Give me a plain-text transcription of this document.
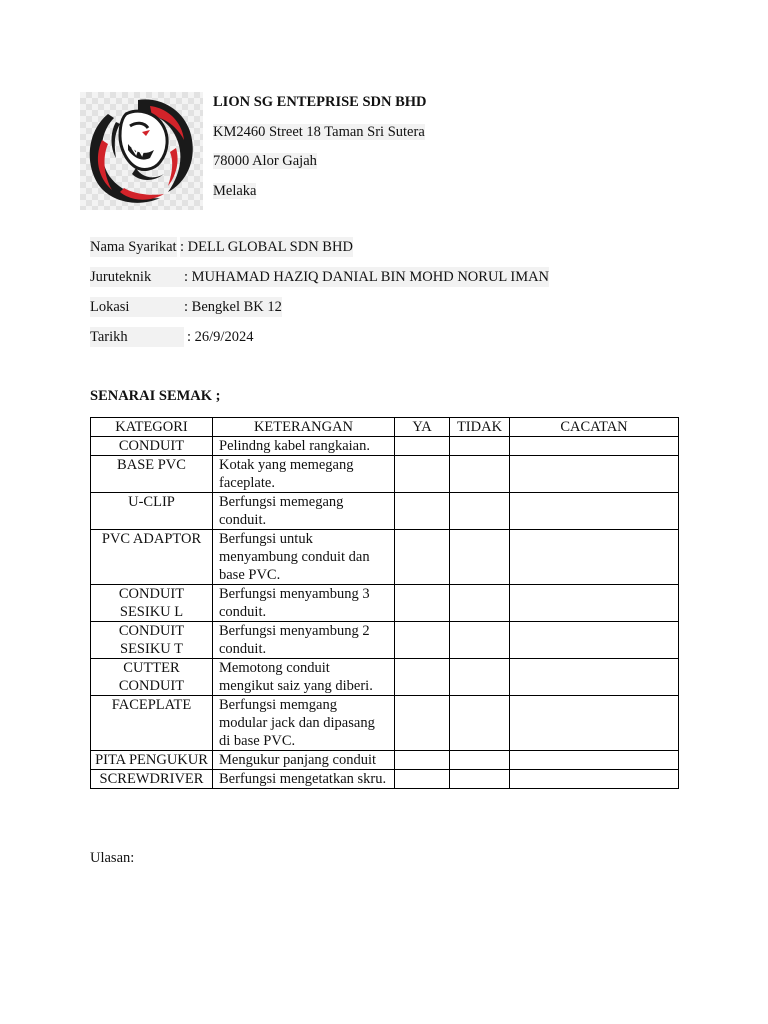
LION SG ENTEPRISE SDN BHD
KM2460 Street 18 Taman Sri Sutera
78000 Alor Gajah
Melaka
Nama Syarikat : DELL GLOBAL SDN BHD
Juruteknik : MUHAMAD HAZIQ DANIAL BIN MOHD NORUL IMAN
Lokasi	: Bengkel BK 12
Tarikh	: 26/9/2024
SENARAI SEMAK ;
KATEGORI	KETERANGAN	YA	TIDAK	CACATAN
CONDUIT	Pelindng kabel rangkaian.			
BASE PVC	Kotak yang memegang faceplate.			
U-CLIP	Berfungsi memegang conduit.			
PVC ADAPTOR	Berfungsi untuk menyambung conduit dan base PVC.			
CONDUIT SESIKU L	Berfungsi menyambung 3 conduit.			
CONDUIT SESIKU T	Berfungsi menyambung 2 conduit.			
CUTTER CONDUIT	Memotong conduit mengikut saiz yang diberi.			
FACEPLATE	Berfungsi memgang modular jack dan dipasang di base PVC.			
PITA PENGUKUR	Mengukur panjang conduit			
SCREWDRIVER	Berfungsi mengetatkan skru.			
Ulasan:
